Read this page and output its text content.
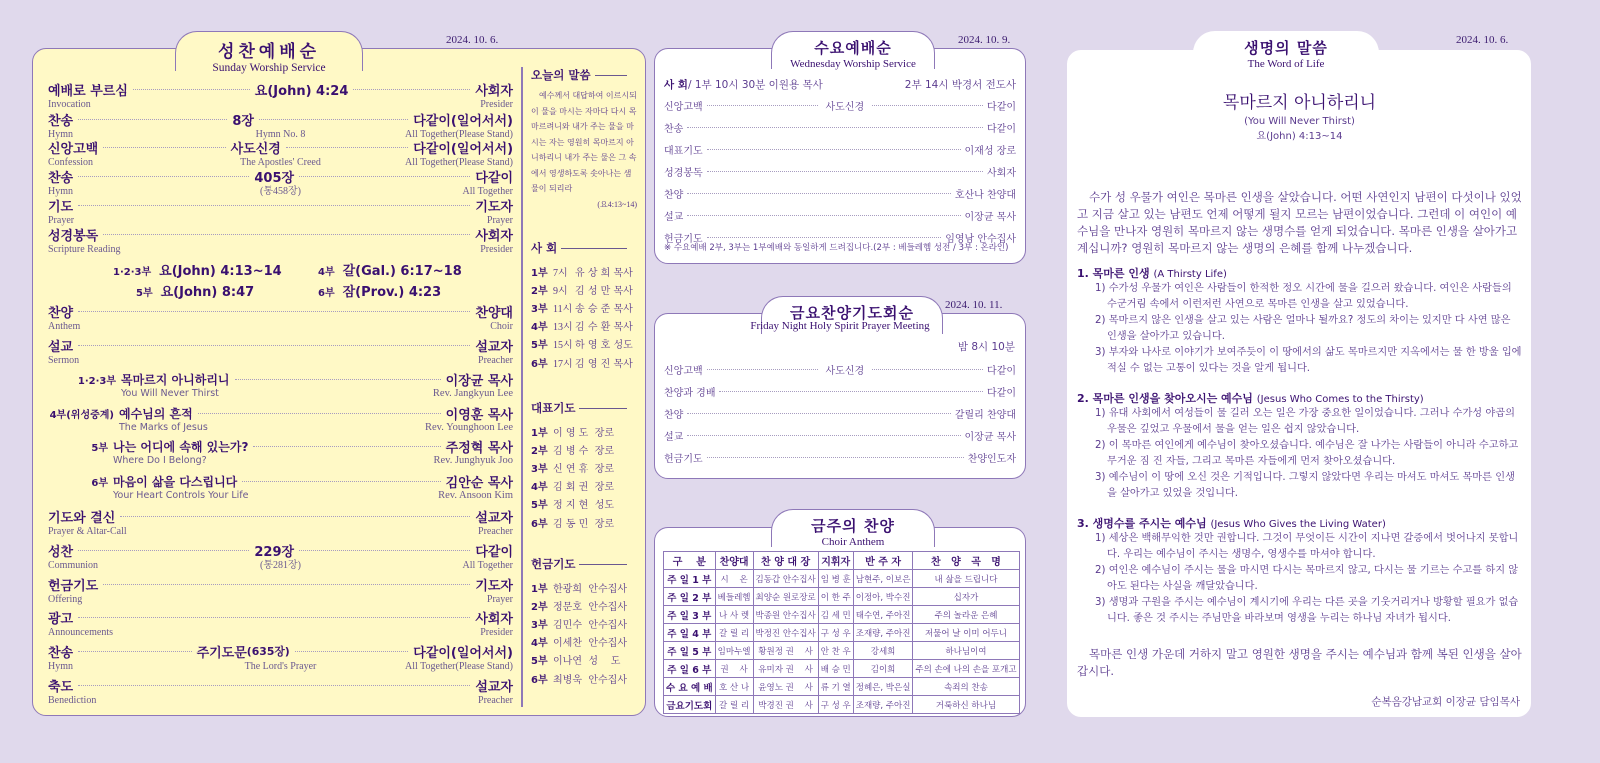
성찬예배순
Sunday Worship Service
2024. 10. 6.
예배로 부르심	요(John) 4:24	사회자
Invocation	Presider
찬송	8장	다같이(일어서서)
Hymn	Hymn No. 8	All Together(Please Stand)
신앙고백	사도신경	다같이(일어서서)
Confession	The Apostles' Creed	All Together(Please Stand)
찬송	405장	다같이
Hymn	(통458장)	All Together
기도	기도자
Prayer	Prayer
성경봉독	사회자
Scripture Reading	Presider
1·2·3부 요(John) 4:13~14	4부 갈(Gal.) 6:17~18
5부 요(John) 8:47	6부 잠(Prov.) 4:23
찬양	찬양대
Anthem	Choir
설교	설교자
Sermon	Preacher
1·2·3부 목마르지 아니하리니	이장균 목사
You Will Never Thirst	Rev. Jangkyun Lee
4부(위성중계) 예수님의 흔적	이영훈 목사
The Marks of Jesus	Rev. Younghoon Lee
5부 나는 어디에 속해 있는가?	주정혁 목사
Where Do I Belong?	Rev. Junghyuk Joo
6부 마음이 삶을 다스립니다	김안순 목사
Your Heart Controls Your Life	Rev. Ansoon Kim
기도와 결신	설교자
Prayer & Altar-Call	Preacher
성찬	229장	다같이
Communion	(통281장)	All Together
헌금기도	기도자
Offering	Prayer
광고	사회자
Announcements	Presider
찬송	주기도문 (635장)	다같이(일어서서)
Hymn	The Lord's Prayer	All Together(Please Stand)
축도	설교자
Benediction	Preacher
오늘의 말씀
예수께서 대답하여 이르시되 이 물을 마시는 자마다 다시 목마르려니와 내가 주는 물을 마시는 자는 영원히 목마르지 아니하리니 내가 주는 물은 그 속에서 영생하도록 솟아나는 샘물이 되리라
(요4:13~14)
사 회
1부 7시 유 상 희 목사
2부 9시 김 성 만 목사
3부 11시 송 승 준 목사
4부 13시 김 수 환 목사
5부 15시 하 영 호 성도
6부 17시 김 영 진 목사
대표기도
1부 이 영 도  장로
2부 김 병 수  장로
3부 신 연 휴  장로
4부 김 회 권  장로
5부 정 지 현  성도
6부 김 동 민  장로
헌금기도
1부 한광희  안수집사
2부 정문호  안수집사
3부 김민수  안수집사
4부 이세찬  안수집사
5부 이나연  성    도
6부 최병욱  안수집사
수요예배순
Wednesday Worship Service
2024. 10. 9.
사 회/ 1부 10시 30분 이원용 목사	2부 14시 박경서 전도사
신앙고백	사도신경	다같이
찬송	다같이
대표기도	이재성 장로
성경봉독	사회자
찬양	호산나 찬양대
설교	이장균 목사
헌금기도	임영남 안수집사
※ 수요예배 2부, 3부는 1부예배와 동일하게 드려집니다.(2부 : 베들레헴 성전 / 3부 : 온라인)
금요찬양기도회순
Friday Night Holy Spirit Prayer Meeting
2024. 10. 11.
밤 8시 10분
신앙고백	사도신경	다같이
찬양과 경배	다같이
찬양	갈릴리 찬양대
설교	이장균 목사
헌금기도	찬양인도자
금주의 찬양
Choir Anthem
구    분	찬양대	찬 양 대 장	지휘자	반 주 자	찬   양   곡   명
주 일 1 부	시    온	김동갑 안수집사	임 병 훈	남현주, 이보은	내 삶을 드립니다
주 일 2 부	베들레헴	최양순 원로장로	이 한 주	이정아, 박수진	십자가
주 일 3 부	나 사 렛	박종원 안수집사	김 세 민	태수연, 주아진	주의 놀라운 은혜
주 일 4 부	갈 릴 리	박정진 안수집사	구 성 우	조재량, 주아진	저물어 날 이미 어두니
주 일 5 부	임마누엘	황원정 권    사	안 찬 우	강세희	하나님이여
주 일 6 부	권    사	유미자 권    사	배 승 민	김이희	주의 손에 나의 손을 포개고
수 요 예 배	호 산 나	윤영노 권    사	류 기 열	정혜은, 박은실	속죄의 찬송
금요기도회	갈 릴 리	박경진 권    사	구 성 우	조재량, 주아진	거룩하신 하나님
생명의 말씀
The Word of Life
2024. 10. 6.
목마르지 아니하리니
(You Will Never Thirst)
요(John) 4:13~14
수가 성 우물가 여인은 목마른 인생을 살았습니다. 어떤 사연인지 남편이 다섯이나 있었고 지금 살고 있는 남편도 언제 어떻게 될지 모르는 남편이었습니다. 그런데 이 여인이 예수님을 만나자 영원히 목마르지 않는 생명수를 얻게 되었습니다. 목마른 인생을 살아가고 계십니까? 영원히 목마르지 않는 생명의 은혜를 함께 나누겠습니다.
1. 목마른 인생 (A Thirsty Life)
1) 수가성 우물가 여인은 사람들이 한적한 정오 시간에 물을 길으러 왔습니다. 여인은 사람들의 수군거림 속에서 이런저런 사연으로 목마른 인생을 살고 있었습니다.
2) 목마르지 않은 인생을 살고 있는 사람은 얼마나 될까요? 정도의 차이는 있지만 다 사연 많은 인생을 살아가고 있습니다.
3) 부자와 나사로 이야기가 보여주듯이 이 땅에서의 삶도 목마르지만 지옥에서는 물 한 방울 입에 적실 수 없는 고통이 있다는 것을 알게 됩니다.
2. 목마른 인생을 찾아오시는 예수님 (Jesus Who Comes to the Thirsty)
1) 유대 사회에서 여성들이 물 길러 오는 일은 가장 중요한 일이었습니다. 그러나 수가성 야곱의 우물은 깊었고 우물에서 물을 얻는 일은 쉽지 않았습니다.
2) 이 목마른 여인에게 예수님이 찾아오셨습니다. 예수님은 잘 나가는 사람들이 아니라 수고하고 무거운 짐 진 자들, 그리고 목마른 자들에게 먼저 찾아오셨습니다.
3) 예수님이 이 땅에 오신 것은 기적입니다. 그렇지 않았다면 우리는 마셔도 마셔도 목마른 인생을 살아가고 있었을 것입니다.
3. 생명수를 주시는 예수님 (Jesus Who Gives the Living Water)
1) 세상은 백해무익한 것만 권합니다. 그것이 무엇이든 시간이 지나면 갈증에서 벗어나지 못합니다. 우리는 예수님이 주시는 생명수, 영생수를 마셔야 합니다.
2) 여인은 예수님이 주시는 물을 마시면 다시는 목마르지 않고, 다시는 물 기르는 수고를 하지 않아도 된다는 사실을 깨달았습니다.
3) 생명과 구원을 주시는 예수님이 계시기에 우리는 다른 곳을 기웃거리거나 방황할 필요가 없습니다. 좋은 것 주시는 주님만을 바라보며 영생을 누리는 하나님 자녀가 됩시다.
목마른 인생 가운데 거하지 말고 영원한 생명을 주시는 예수님과 함께 복된 인생을 살아갑시다.
순복음강남교회 이장균 담임목사
